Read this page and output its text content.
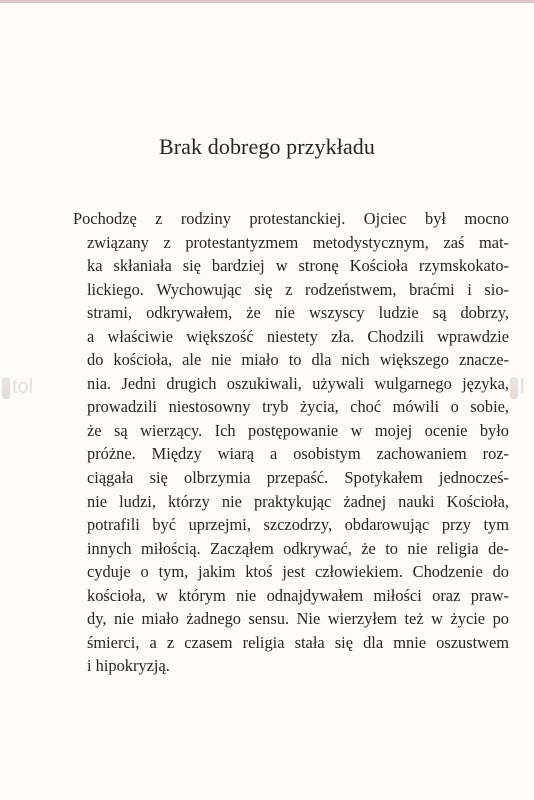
Brak dobrego przykładu
tol	l
Pochodzę z rodziny protestanckiej. Ojciec był mocno
związany z protestantyzmem metodystycznym, zaś mat-
ka skłaniała się bardziej w stronę Kościoła rzymskokato-
lickiego. Wychowując się z rodzeństwem, braćmi i sio-
strami, odkrywałem, że nie wszyscy ludzie są dobrzy,
a właściwie większość niestety zła. Chodzili wprawdzie
do kościoła, ale nie miało to dla nich większego znacze-
nia. Jedni drugich oszukiwali, używali wulgarnego języka,
prowadzili niestosowny tryb życia, choć mówili o sobie,
że są wierzący. Ich postępowanie w mojej ocenie było
próżne. Między wiarą a osobistym zachowaniem roz-
ciągała się olbrzymia przepaść. Spotykałem jednocześ-
nie ludzi, którzy nie praktykując żadnej nauki Kościoła,
potrafili być uprzejmi, szczodrzy, obdarowując przy tym
innych miłością. Zacząłem odkrywać, że to nie religia de-
cyduje o tym, jakim ktoś jest człowiekiem. Chodzenie do
kościoła, w którym nie odnajdywałem miłości oraz praw-
dy, nie miało żadnego sensu. Nie wierzyłem też w życie po
śmierci, a z czasem religia stała się dla mnie oszustwem
i hipokryzją.
